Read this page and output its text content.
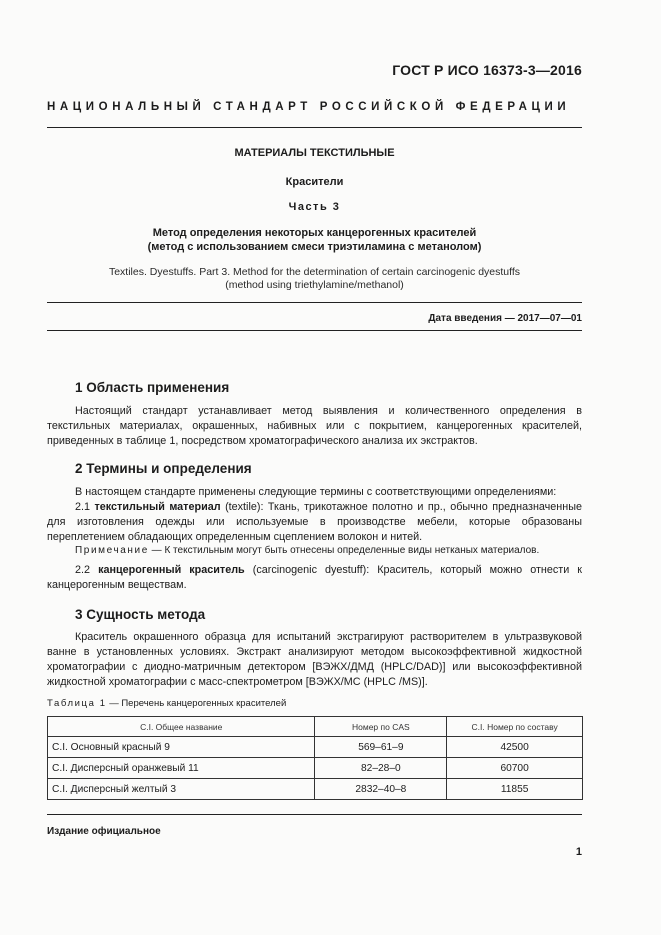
ГОСТ Р ИСО 16373-3—2016
НАЦИОНАЛЬНЫЙ СТАНДАРТ РОССИЙСКОЙ ФЕДЕРАЦИИ
МАТЕРИАЛЫ ТЕКСТИЛЬНЫЕ
Красители
Часть 3
Метод определения некоторых канцерогенных красителей
(метод с использованием смеси триэтиламина с метанолом)
Textiles. Dyestuffs. Part 3. Method for the determination of certain carcinogenic dyestuffs
(method using triethylamine/methanol)
Дата введения — 2017—07—01
1 Область применения
Настоящий стандарт устанавливает метод выявления и количественного определения в текстильных материалах, окрашенных, набивных или с покрытием, канцерогенных красителей, приведенных в таблице 1, посредством хроматографического анализа их экстрактов.
2 Термины и определения
В настоящем стандарте применены следующие термины с соответствующими определениями:
2.1 текстильный материал (textile): Ткань, трикотажное полотно и пр., обычно предназначенные для изготовления одежды или используемые в производстве мебели, которые образованы переплетением обладающих определенным сцеплением волокон и нитей.
Примечание — К текстильным могут быть отнесены определенные виды нетканых материалов.
2.2 канцерогенный краситель (carcinogenic dyestuff): Краситель, который можно отнести к канцерогенным веществам.
3 Сущность метода
Краситель окрашенного образца для испытаний экстрагируют растворителем в ультразвуковой ванне в установленных условиях. Экстракт анализируют методом высокоэффективной жидкостной хроматографии с диодно-матричным детектором [ВЭЖХ/ДМД (HPLC/DAD)] или высокоэффективной жидкостной хроматографии с масс-спектрометром [ВЭЖХ/МС (HPLC /MS)].
Таблица 1 — Перечень канцерогенных красителей
C.I. Общее название	Номер по CAS	C.I. Номер по составу
C.I. Основный красный 9	569–61–9	42500
C.I. Дисперсный оранжевый 11	82–28–0	60700
C.I. Дисперсный желтый 3	2832–40–8	11855
Издание официальное
1
